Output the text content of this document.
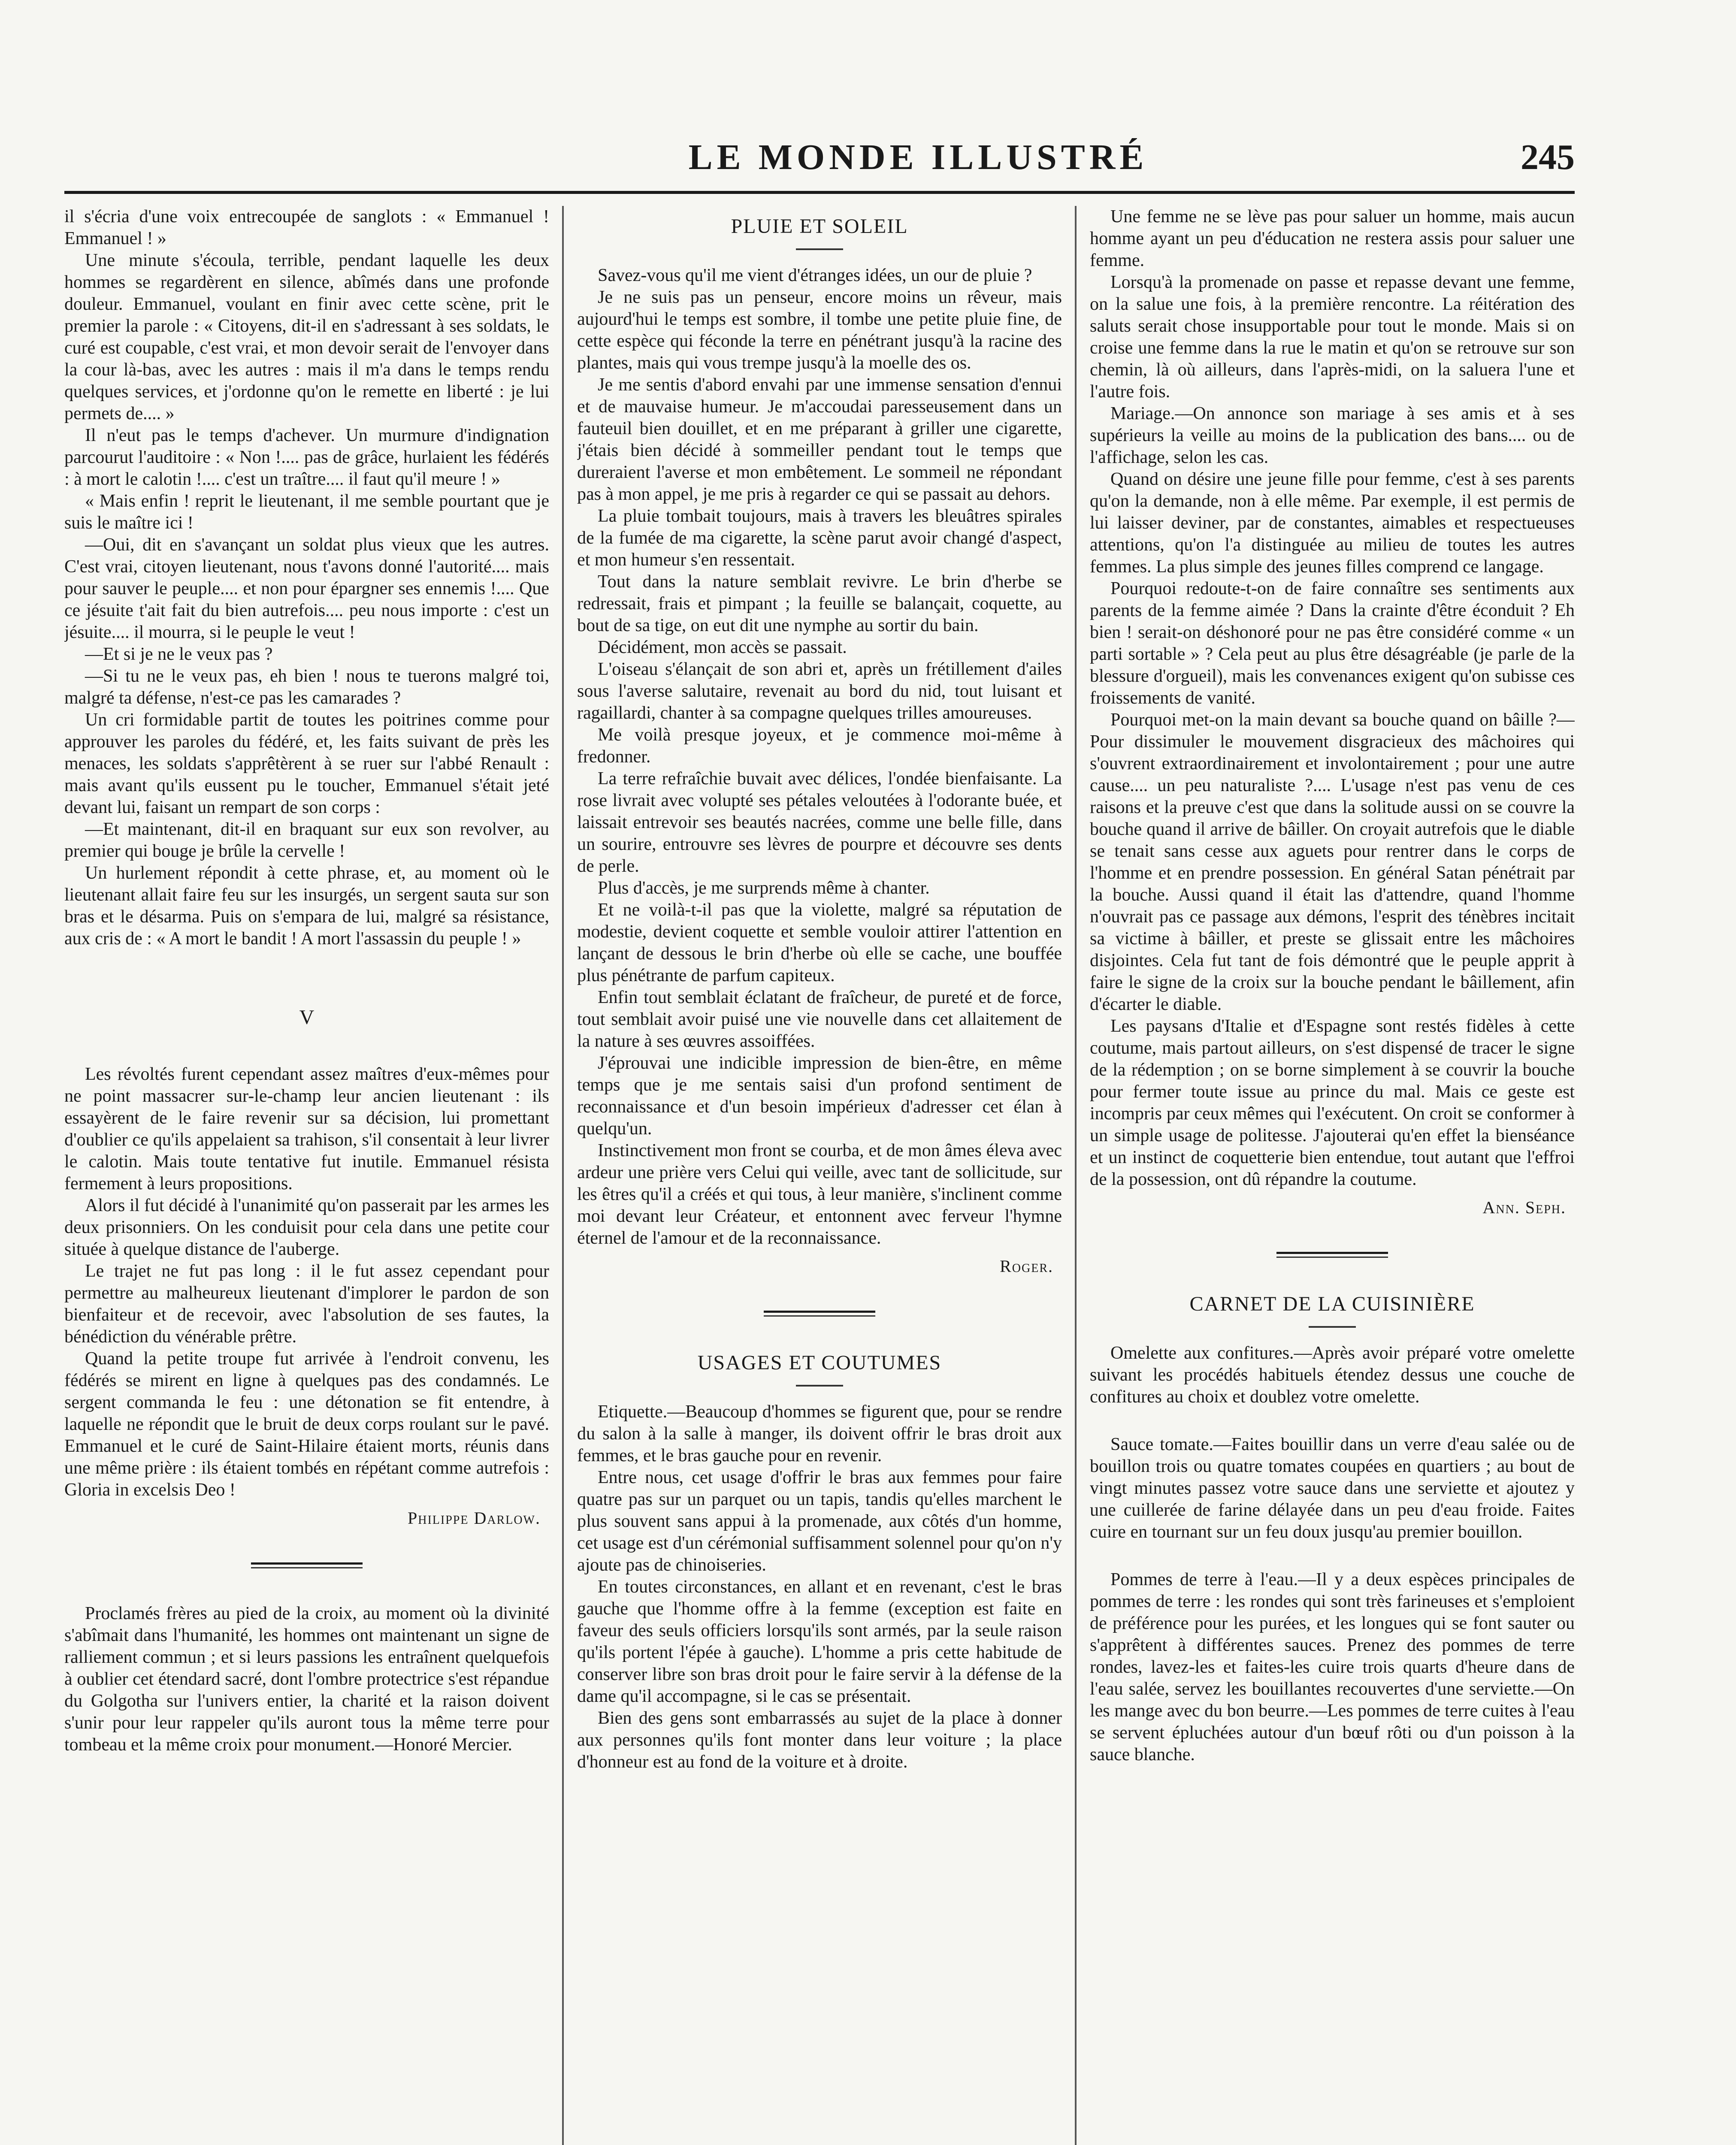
LE MONDE ILLUSTRÉ	245

il s'écria d'une voix entrecoupée de sanglots : « Emmanuel ! Emmanuel ! »

Une minute s'écoula, terrible, pendant laquelle les deux hommes se regardèrent en silence, abîmés dans une profonde douleur. Emmanuel, voulant en finir avec cette scène, prit le premier la parole : « Citoyens, dit-il en s'adressant à ses soldats, le curé est coupable, c'est vrai, et mon devoir serait de l'envoyer dans la cour là-bas, avec les autres : mais il m'a dans le temps rendu quelques services, et j'ordonne qu'on le remette en liberté : je lui permets de.... »

Il n'eut pas le temps d'achever. Un murmure d'indignation parcourut l'auditoire : « Non !.... pas de grâce, hurlaient les fédérés : à mort le calotin !.... c'est un traître.... il faut qu'il meure ! »

« Mais enfin ! reprit le lieutenant, il me semble pourtant que je suis le maître ici !

—Oui, dit en s'avançant un soldat plus vieux que les autres. C'est vrai, citoyen lieutenant, nous t'avons donné l'autorité.... mais pour sauver le peuple.... et non pour épargner ses ennemis !.... Que ce jésuite t'ait fait du bien autrefois.... peu nous importe : c'est un jésuite.... il mourra, si le peuple le veut !

—Et si je ne le veux pas ?

—Si tu ne le veux pas, eh bien ! nous te tuerons malgré toi, malgré ta défense, n'est-ce pas les camarades ?

Un cri formidable partit de toutes les poitrines comme pour approuver les paroles du fédéré, et, les faits suivant de près les menaces, les soldats s'apprêtèrent à se ruer sur l'abbé Renault : mais avant qu'ils eussent pu le toucher, Emmanuel s'était jeté devant lui, faisant un rempart de son corps :

—Et maintenant, dit-il en braquant sur eux son revolver, au premier qui bouge je brûle la cervelle !

Un hurlement répondit à cette phrase, et, au moment où le lieutenant allait faire feu sur les insurgés, un sergent sauta sur son bras et le désarma. Puis on s'empara de lui, malgré sa résistance, aux cris de : « A mort le bandit ! A mort l'assassin du peuple ! »

V

Les révoltés furent cependant assez maîtres d'eux-mêmes pour ne point massacrer sur-le-champ leur ancien lieutenant : ils essayèrent de le faire revenir sur sa décision, lui promettant d'oublier ce qu'ils appelaient sa trahison, s'il consentait à leur livrer le calotin. Mais toute tentative fut inutile. Emmanuel résista fermement à leurs propositions.

Alors il fut décidé à l'unanimité qu'on passerait par les armes les deux prisonniers. On les conduisit pour cela dans une petite cour située à quelque distance de l'auberge.

Le trajet ne fut pas long : il le fut assez cependant pour permettre au malheureux lieutenant d'implorer le pardon de son bienfaiteur et de recevoir, avec l'absolution de ses fautes, la bénédiction du vénérable prêtre.

Quand la petite troupe fut arrivée à l'endroit convenu, les fédérés se mirent en ligne à quelques pas des condamnés. Le sergent commanda le feu : une détonation se fit entendre, à laquelle ne répondit que le bruit de deux corps roulant sur le pavé. Emmanuel et le curé de Saint-Hilaire étaient morts, réunis dans une même prière : ils étaient tombés en répétant comme autrefois : Gloria in excelsis Deo !

Philippe Darlow.

Proclamés frères au pied de la croix, au moment où la divinité s'abîmait dans l'humanité, les hommes ont maintenant un signe de ralliement commun ; et si leurs passions les entraînent quelquefois à oublier cet étendard sacré, dont l'ombre protectrice s'est répandue du Golgotha sur l'univers entier, la charité et la raison doivent s'unir pour leur rappeler qu'ils auront tous la même terre pour tombeau et la même croix pour monument.—Honoré Mercier.

PLUIE ET SOLEIL

Savez-vous qu'il me vient d'étranges idées, un our de pluie ?

Je ne suis pas un penseur, encore moins un rêveur, mais aujourd'hui le temps est sombre, il tombe une petite pluie fine, de cette espèce qui féconde la terre en pénétrant jusqu'à la racine des plantes, mais qui vous trempe jusqu'à la moelle des os.

Je me sentis d'abord envahi par une immense sensation d'ennui et de mauvaise humeur. Je m'accoudai paresseusement dans un fauteuil bien douillet, et en me préparant à griller une cigarette, j'étais bien décidé à sommeiller pendant tout le temps que dureraient l'averse et mon embêtement. Le sommeil ne répondant pas à mon appel, je me pris à regarder ce qui se passait au dehors.

La pluie tombait toujours, mais à travers les bleuâtres spirales de la fumée de ma cigarette, la scène parut avoir changé d'aspect, et mon humeur s'en ressentait.

Tout dans la nature semblait revivre. Le brin d'herbe se redressait, frais et pimpant ; la feuille se balançait, coquette, au bout de sa tige, on eut dit une nymphe au sortir du bain.

Décidément, mon accès se passait.

L'oiseau s'élançait de son abri et, après un frétillement d'ailes sous l'averse salutaire, revenait au bord du nid, tout luisant et ragaillardi, chanter à sa compagne quelques trilles amoureuses.

Me voilà presque joyeux, et je commence moi-même à fredonner.

La terre refraîchie buvait avec délices, l'ondée bienfaisante. La rose livrait avec volupté ses pétales veloutées à l'odorante buée, et laissait entrevoir ses beautés nacrées, comme une belle fille, dans un sourire, entrouvre ses lèvres de pourpre et découvre ses dents de perle.

Plus d'accès, je me surprends même à chanter.

Et ne voilà-t-il pas que la violette, malgré sa réputation de modestie, devient coquette et semble vouloir attirer l'attention en lançant de dessous le brin d'herbe où elle se cache, une bouffée plus pénétrante de parfum capiteux.

Enfin tout semblait éclatant de fraîcheur, de pureté et de force, tout semblait avoir puisé une vie nouvelle dans cet allaitement de la nature à ses œuvres assoiffées.

J'éprouvai une indicible impression de bien-être, en même temps que je me sentais saisi d'un profond sentiment de reconnaissance et d'un besoin impérieux d'adresser cet élan à quelqu'un.

Instinctivement mon front se courba, et de mon âmes éleva avec ardeur une prière vers Celui qui veille, avec tant de sollicitude, sur les êtres qu'il a créés et qui tous, à leur manière, s'inclinent comme moi devant leur Créateur, et entonnent avec ferveur l'hymne éternel de l'amour et de la reconnaissance.

Roger.
USAGES ET COUTUMES

Etiquette.—Beaucoup d'hommes se figurent que, pour se rendre du salon à la salle à manger, ils doivent offrir le bras droit aux femmes, et le bras gauche pour en revenir.

Entre nous, cet usage d'offrir le bras aux femmes pour faire quatre pas sur un parquet ou un tapis, tandis qu'elles marchent le plus souvent sans appui à la promenade, aux côtés d'un homme, cet usage est d'un cérémonial suffisamment solennel pour qu'on n'y ajoute pas de chinoiseries.

En toutes circonstances, en allant et en revenant, c'est le bras gauche que l'homme offre à la femme (exception est faite en faveur des seuls officiers lorsqu'ils sont armés, par la seule raison qu'ils portent l'épée à gauche). L'homme a pris cette habitude de conserver libre son bras droit pour le faire servir à la défense de la dame qu'il accompagne, si le cas se présentait.

Bien des gens sont embarrassés au sujet de la place à donner aux personnes qu'ils font monter dans leur voiture ; la place d'honneur est au fond de la voiture et à droite.

Une femme ne se lève pas pour saluer un homme, mais aucun homme ayant un peu d'éducation ne restera assis pour saluer une femme.

Lorsqu'à la promenade on passe et repasse devant une femme, on la salue une fois, à la première rencontre. La réitération des saluts serait chose insupportable pour tout le monde. Mais si on croise une femme dans la rue le matin et qu'on se retrouve sur son chemin, là où ailleurs, dans l'après-midi, on la saluera l'une et l'autre fois.

Mariage.—On annonce son mariage à ses amis et à ses supérieurs la veille au moins de la publication des bans.... ou de l'affichage, selon les cas.

Quand on désire une jeune fille pour femme, c'est à ses parents qu'on la demande, non à elle même. Par exemple, il est permis de lui laisser deviner, par de constantes, aimables et respectueuses attentions, qu'on l'a distinguée au milieu de toutes les autres femmes. La plus simple des jeunes filles comprend ce langage.

Pourquoi redoute-t-on de faire connaître ses sentiments aux parents de la femme aimée ? Dans la crainte d'être éconduit ? Eh bien ! serait-on déshonoré pour ne pas être considéré comme « un parti sortable » ? Cela peut au plus être désagréable (je parle de la blessure d'orgueil), mais les convenances exigent qu'on subisse ces froissements de vanité.

Pourquoi met-on la main devant sa bouche quand on bâille ?—Pour dissimuler le mouvement disgracieux des mâchoires qui s'ouvrent extraordinairement et involontairement ; pour une autre cause.... un peu naturaliste ?.... L'usage n'est pas venu de ces raisons et la preuve c'est que dans la solitude aussi on se couvre la bouche quand il arrive de bâiller. On croyait autrefois que le diable se tenait sans cesse aux aguets pour rentrer dans le corps de l'homme et en prendre possession. En général Satan pénétrait par la bouche. Aussi quand il était las d'attendre, quand l'homme n'ouvrait pas ce passage aux démons, l'esprit des ténèbres incitait sa victime à bâiller, et preste se glissait entre les mâchoires disjointes. Cela fut tant de fois démontré que le peuple apprit à faire le signe de la croix sur la bouche pendant le bâillement, afin d'écarter le diable.

Les paysans d'Italie et d'Espagne sont restés fidèles à cette coutume, mais partout ailleurs, on s'est dispensé de tracer le signe de la rédemption ; on se borne simplement à se couvrir la bouche pour fermer toute issue au prince du mal. Mais ce geste est incompris par ceux mêmes qui l'exécutent. On croit se conformer à un simple usage de politesse. J'ajouterai qu'en effet la bienséance et un instinct de coquetterie bien entendue, tout autant que l'effroi de la possession, ont dû répandre la coutume.

Ann. Seph.
CARNET DE LA CUISINIÈRE

Omelette aux confitures.—Après avoir préparé votre omelette suivant les procédés habituels étendez dessus une couche de confitures au choix et doublez votre omelette.

Sauce tomate.—Faites bouillir dans un verre d'eau salée ou de bouillon trois ou quatre tomates coupées en quartiers ; au bout de vingt minutes passez votre sauce dans une serviette et ajoutez y une cuillerée de farine délayée dans un peu d'eau froide. Faites cuire en tournant sur un feu doux jusqu'au premier bouillon.

Pommes de terre à l'eau.—Il y a deux espèces principales de pommes de terre : les rondes qui sont très farineuses et s'emploient de préférence pour les purées, et les longues qui se font sauter ou s'apprêtent à différentes sauces. Prenez des pommes de terre rondes, lavez-les et faites-les cuire trois quarts d'heure dans de l'eau salée, servez les bouillantes recouvertes d'une serviette.—On les mange avec du bon beurre.—Les pommes de terre cuites à l'eau se servent épluchées autour d'un bœuf rôti ou d'un poisson à la sauce blanche.
